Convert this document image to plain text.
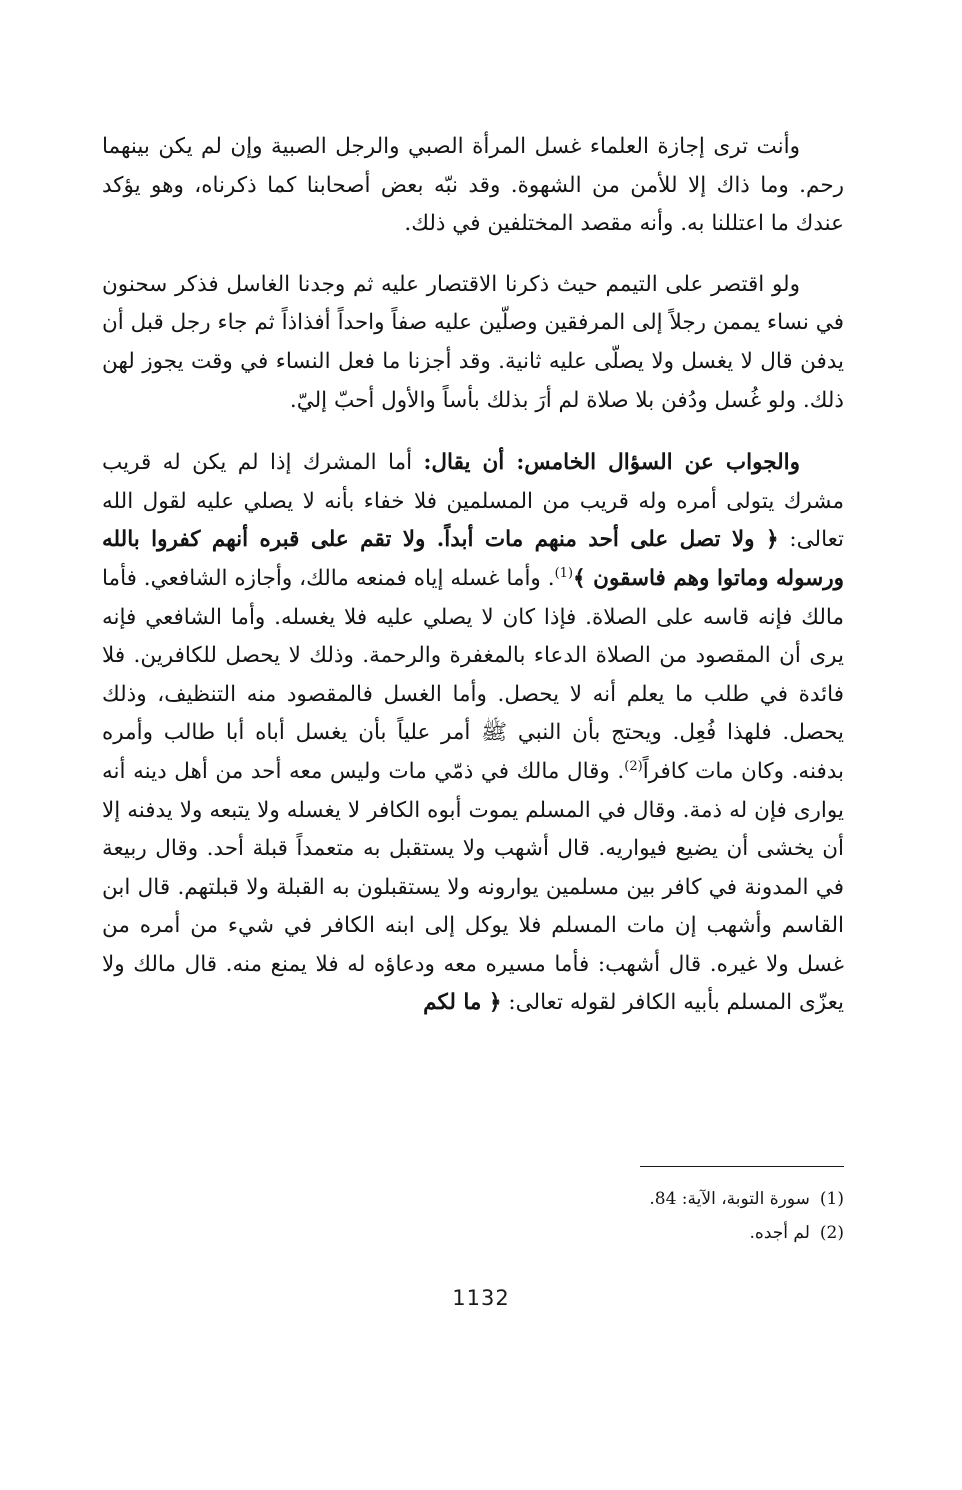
وأنت ترى إجازة العلماء غسل المرأة الصبي والرجل الصبية وإن لم يكن بينهما رحم. وما ذاك إلا للأمن من الشهوة. وقد نبّه بعض أصحابنا كما ذكرناه، وهو يؤكد عندك ما اعتللنا به. وأنه مقصد المختلفين في ذلك.

ولو اقتصر على التيمم حيث ذكرنا الاقتصار عليه ثم وجدنا الغاسل فذكر سحنون في نساء يممن رجلاً إلى المرفقين وصلّين عليه صفاً واحداً أفذاذاً ثم جاء رجل قبل أن يدفن قال لا يغسل ولا يصلّى عليه ثانية. وقد أجزنا ما فعل النساء في وقت يجوز لهن ذلك. ولو غُسل ودُفن بلا صلاة لم أرَ بذلك بأساً والأول أحبّ إليّ.

والجواب عن السؤال الخامس: أن يقال: أما المشرك إذا لم يكن له قريب مشرك يتولى أمره وله قريب من المسلمين فلا خفاء بأنه لا يصلي عليه لقول الله تعالى: ﴿ ولا تصل على أحد منهم مات أبداً. ولا تقم على قبره أنهم كفروا بالله ورسوله وماتوا وهم فاسقون ﴾$^{(1)}$. وأما غسله إياه فمنعه مالك، وأجازه الشافعي. فأما مالك فإنه قاسه على الصلاة. فإذا كان لا يصلي عليه فلا يغسله. وأما الشافعي فإنه يرى أن المقصود من الصلاة الدعاء بالمغفرة والرحمة. وذلك لا يحصل للكافرين. فلا فائدة في طلب ما يعلم أنه لا يحصل. وأما الغسل فالمقصود منه التنظيف، وذلك يحصل. فلهذا فُعِل. ويحتج بأن النبي ﷺ أمر علياً بأن يغسل أباه أبا طالب وأمره بدفنه. وكان مات كافراً$^{(2)}$. وقال مالك في ذمّي مات وليس معه أحد من أهل دينه أنه يوارى فإن له ذمة. وقال في المسلم يموت أبوه الكافر لا يغسله ولا يتبعه ولا يدفنه إلا أن يخشى أن يضيع فيواريه. قال أشهب ولا يستقبل به متعمداً قبلة أحد. وقال ربيعة في المدونة في كافر بين مسلمين يوارونه ولا يستقبلون به القبلة ولا قبلتهم. قال ابن القاسم وأشهب إن مات المسلم فلا يوكل إلى ابنه الكافر في شيء من أمره من غسل ولا غيره. قال أشهب: فأما مسيره معه ودعاؤه له فلا يمنع منه. قال مالك ولا يعزّى المسلم بأبيه الكافر لقوله تعالى: ﴿ ما لكم

(1)سورة التوبة، الآية: 84.
(2)لم أجده.
1132
